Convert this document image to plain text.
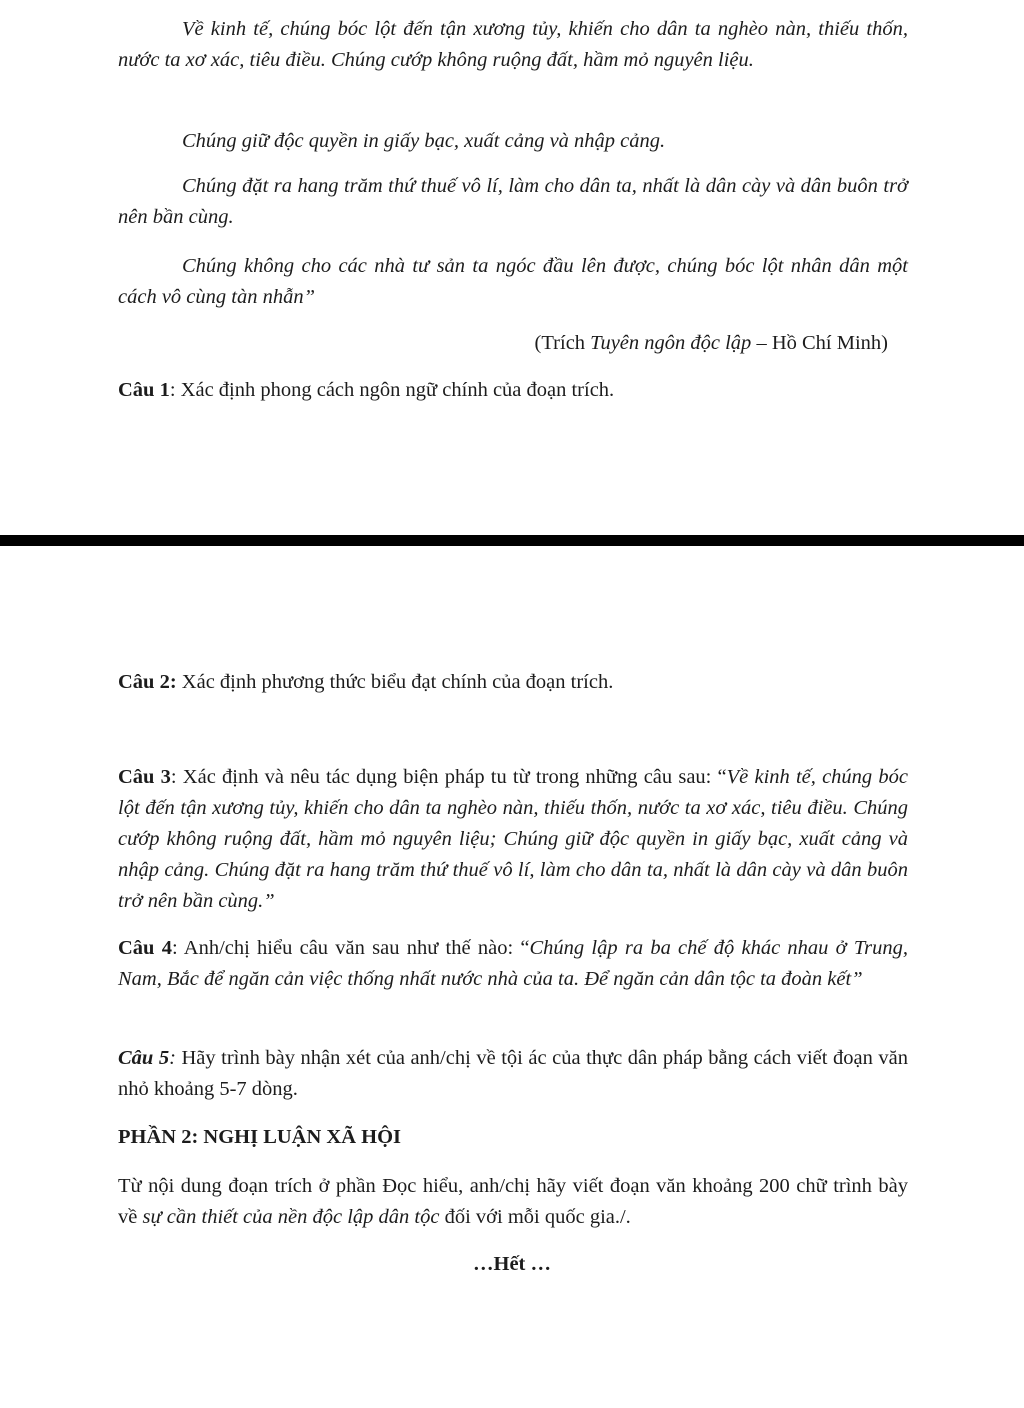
Về kinh tế, chúng bóc lột đến tận xương tủy, khiến cho dân ta nghèo nàn, thiếu thốn, nước ta xơ xác, tiêu điều. Chúng cướp không ruộng đất, hầm mỏ nguyên liệu.
Chúng giữ độc quyền in giấy bạc, xuất cảng và nhập cảng.
Chúng đặt ra hang trăm thứ thuế vô lí, làm cho dân ta, nhất là dân cày và dân buôn trở nên bần cùng.
Chúng không cho các nhà tư sản ta ngóc đầu lên được, chúng bóc lột nhân dân một cách vô cùng tàn nhẫn”
(Trích Tuyên ngôn độc lập – Hồ Chí Minh)
Câu 1: Xác định phong cách ngôn ngữ chính của đoạn trích.
Câu 2: Xác định phương thức biểu đạt chính của đoạn trích.
Câu 3: Xác định và nêu tác dụng biện pháp tu từ trong những câu sau: “Về kinh tế, chúng bóc lột đến tận xương tủy, khiến cho dân ta nghèo nàn, thiếu thốn, nước ta xơ xác, tiêu điều. Chúng cướp không ruộng đất, hầm mỏ nguyên liệu; Chúng giữ độc quyền in giấy bạc, xuất cảng và nhập cảng. Chúng đặt ra hang trăm thứ thuế vô lí, làm cho dân ta, nhất là dân cày và dân buôn trở nên bần cùng.”
Câu 4: Anh/chị hiểu câu văn sau như thế nào: “Chúng lập ra ba chế độ khác nhau ở Trung, Nam, Bắc để ngăn cản việc thống nhất nước nhà của ta. Để ngăn cản dân tộc ta đoàn kết”
Câu 5: Hãy trình bày nhận xét của anh/chị về tội ác của thực dân pháp bằng cách viết đoạn văn nhỏ khoảng 5-7 dòng.
PHẦN 2: NGHỊ LUẬN XÃ HỘI
Từ nội dung đoạn trích ở phần Đọc hiểu, anh/chị hãy viết đoạn văn khoảng 200 chữ trình bày về sự cần thiết của nền độc lập dân tộc đối với mỗi quốc gia./.
…Hết …
